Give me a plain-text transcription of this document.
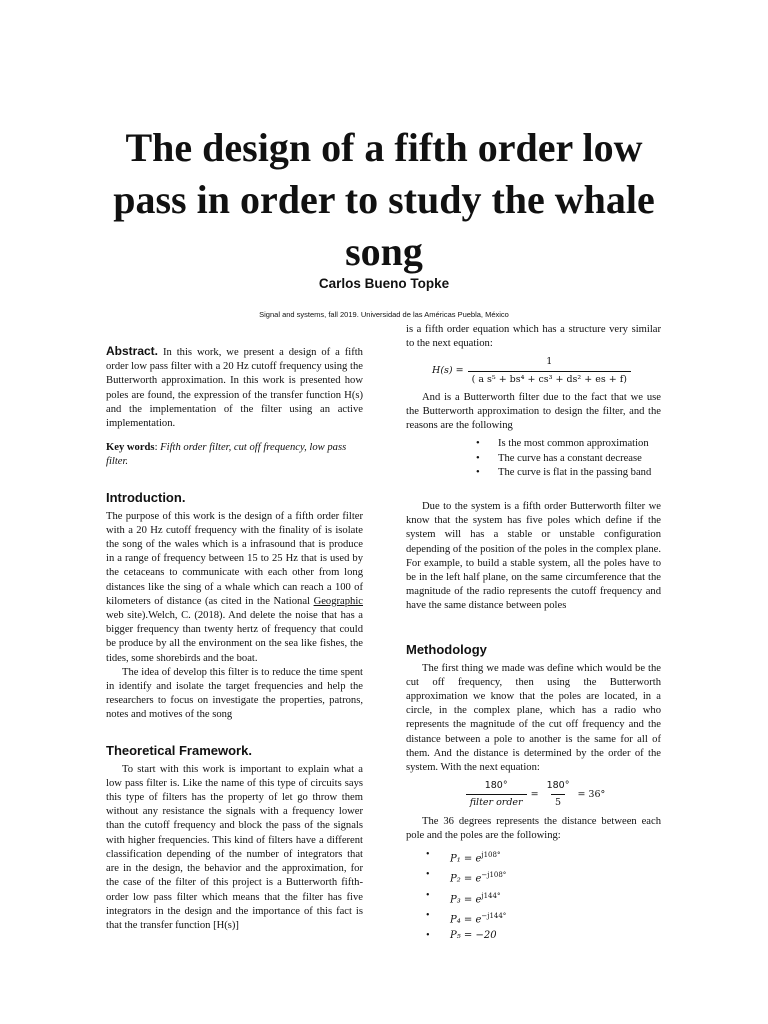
The design of a fifth order low pass in order to study the whale song
Carlos Bueno Topke
Signal and systems, fall 2019. Universidad de las Américas Puebla, México

Abstract. In this work, we present a design of a fifth order low pass filter with a 20 Hz cutoff frequency using the Butterworth approximation. In this work is presented how poles are found, the expression of the transfer function H(s) and the implementation of the filter using an active implementation.

Key words: Fifth order filter, cut off frequency, low pass filter.

Introduction.

The purpose of this work is the design of a fifth order filter with a 20 Hz cutoff frequency with the finality of is isolate the song of the wales which is a infrasound that is produce in a range of frequency between 15 to 25 Hz that is used by the cetaceans to communicate with each other from long distances like the sing of a whale which can reach a 100 of kilometers of distance (as cited in the National Geographic web site).Welch, C. (2018). And delete the noise that has a bigger frequency than twenty hertz of frequency that could be produce by all the environment on the sea like fishes, the tides, some shorebirds and the boat.

The idea of develop this filter is to reduce the time spent in identify and isolate the target frequencies and help the researchers to focus on investigate the properties, patrons, notes and motives of the song

Theoretical Framework.

To start with this work is important to explain what a low pass filter is. Like the name of this type of circuits says this type of filters has the property of let go throw them without any resistance the signals with a frequency lower than the cutoff frequency and block the pass of the signals with higher frequencies. This kind of filters have a different classification depending of the number of integrators that are in the design, the behavior and the approximation, for the case of the filter of this project is a Butterworth fifth-order low pass filter which means that the filter has five integrators in the design and the importance of this fact is that the transfer function [H(s)]

is a fifth order equation which has a structure very similar to the next equation:

$H(s) = \frac{1}{\text{( a s⁵ + bs⁴ + cs³ + ds² + es + f)}}$

And is a Butterworth filter due to the fact that we use the Butterworth approximation to design the filter, and the reasons are the following

• Is the most common approximation
• The curve has a constant decrease
• The curve is flat in the passing band

Due to the system is a fifth order Butterworth filter we know that the system has five poles which define if the system will has a stable or unstable configuration depending of the position of the poles in the complex plane. For example, to build a stable system, all the poles have to be in the left half plane, on the same circumference that the magnitude of the radio represents the cutoff frequency and have the same distance between poles

Methodology

The first thing we made was define which would be the cut off frequency, then using the Butterworth approximation we know that the poles are located, in a circle, in the complex plane, which has a radio who represents the magnitude of the cut off frequency and the distance between a pole to another is the same for all of them. And the distance is determined by the order of the system. With the next equation:

$\frac{180^\circ}{\text{filter order}} = \frac{180^\circ}{5} = 36^\circ$

The 36 degrees represents the distance between each pole and the poles are the following:

• $P_1 = e^{j108^\circ}$
• $P_2 = e^{-j108^\circ}$
• $P_3 = e^{j144^\circ}$
• $P_4 = e^{-j144^\circ}$
• P₅ = −20
